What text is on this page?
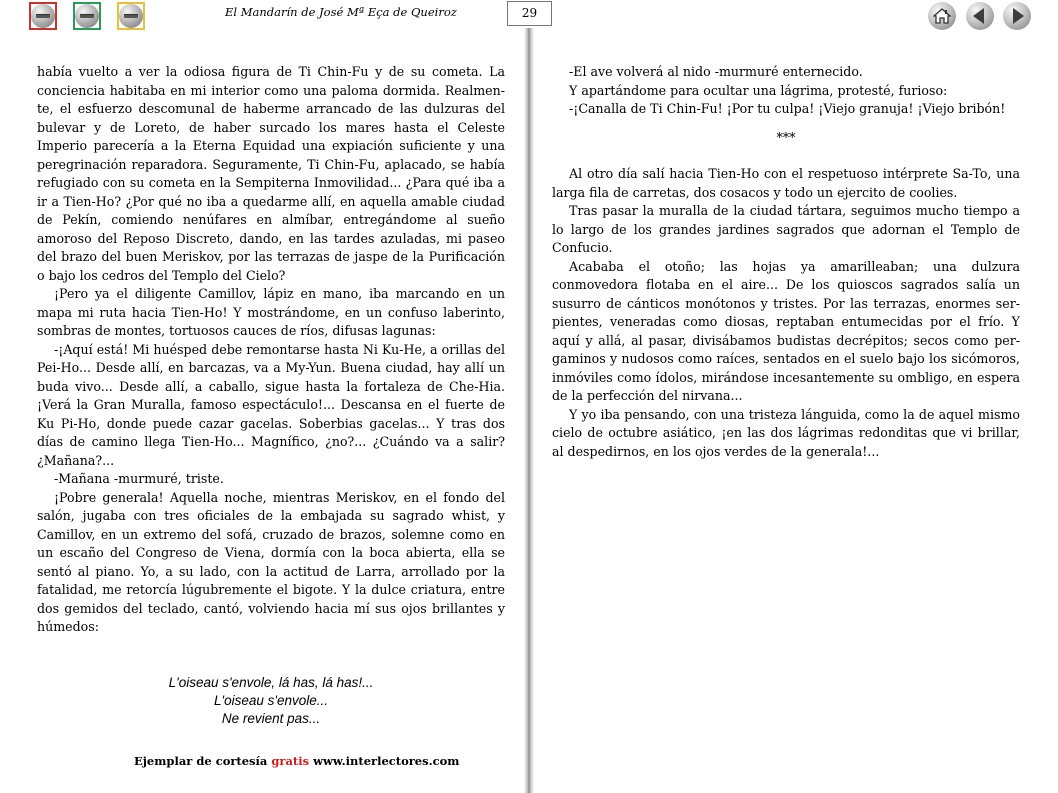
El Mandarín de José Mª Eça de Queiroz	29

había vuelto a ver la odiosa figura de Ti Chin-Fu y de su cometa. La conciencia habitaba en mi interior como una paloma dormida. Realmen- te, el esfuerzo descomunal de haberme arrancado de las dulzuras del bulevar y de Loreto, de haber surcado los mares hasta el Celeste Imperio parecería a la Eterna Equidad una expiación suficiente y una peregrinación reparadora. Seguramente, Ti Chin-Fu, aplacado, se había refugiado con su cometa en la Sempiterna Inmovilidad... ¿Para qué iba a ir a Tien-Ho? ¿Por qué no iba a quedarme allí, en aquella amable ciudad de Pekín, comiendo nenúfares en almíbar, entregándome al sueño amoroso del Reposo Discreto, dando, en las tardes azuladas, mi paseo del brazo del buen Meriskov, por las terrazas de jaspe de la Purificación o bajo los cedros del Templo del Cielo?

¡Pero ya el diligente Camillov, lápiz en mano, iba marcando en un mapa mi ruta hacia Tien-Ho! Y mostrándome, en un confuso laberinto, sombras de montes, tortuosos cauces de ríos, difusas lagunas:

-¡Aquí está! Mi huésped debe remontarse hasta Ni Ku-He, a orillas del Pei-Ho... Desde allí, en barcazas, va a My-Yun. Buena ciudad, hay allí un buda vivo... Desde allí, a caballo, sigue hasta la fortaleza de Che-Hia. ¡Verá la Gran Muralla, famoso espectáculo!... Descansa en el fuerte de Ku Pi-Ho, donde puede cazar gacelas. Soberbias gacelas... Y tras dos días de camino llega Tien-Ho... Magnífico, ¿no?... ¿Cuándo va a salir? ¿Mañana?...

-Mañana -murmuré, triste.

¡Pobre generala! Aquella noche, mientras Meriskov, en el fondo del salón, jugaba con tres oficiales de la embajada su sagrado whist, y Camillov, en un extremo del sofá, cruzado de brazos, solemne como en un escaño del Congreso de Viena, dormía con la boca abierta, ella se sentó al piano. Yo, a su lado, con la actitud de Larra, arrollado por la fatalidad, me retorcía lúgubremente el bigote. Y la dulce criatura, entre dos gemidos del teclado, cantó, volviendo hacia mí sus ojos brillantes y húmedos:

L'oiseau s'envole, lá has, lá has!...
L'oiseau s'envole...
Ne revient pas...

-El ave volverá al nido -murmuré enternecido.

Y apartándome para ocultar una lágrima, protesté, furioso:

-¡Canalla de Ti Chin-Fu! ¡Por tu culpa! ¡Viejo granuja! ¡Viejo bribón!

***

Al otro día salí hacia Tien-Ho con el respetuoso intérprete Sa-To, una larga fila de carretas, dos cosacos y todo un ejercito de coolies.

Tras pasar la muralla de la ciudad tártara, seguimos mucho tiempo a lo largo de los grandes jardines sagrados que adornan el Templo de Confucio.

Acababa el otoño; las hojas ya amarilleaban; una dulzura conmovedora flotaba en el aire... De los quioscos sagrados salía un susurro de cánticos monótonos y tristes. Por las terrazas, enormes ser- pientes, veneradas como diosas, reptaban entumecidas por el frío. Y aquí y allá, al pasar, divisábamos budistas decrépitos; secos como per- gaminos y nudosos como raíces, sentados en el suelo bajo los sicómoros, inmóviles como ídolos, mirándose incesantemente su ombligo, en espera de la perfección del nirvana...

Y yo iba pensando, con una tristeza lánguida, como la de aquel mismo cielo de octubre asiático, ¡en las dos lágrimas redonditas que vi brillar, al despedirnos, en los ojos verdes de la generala!...

Ejemplar de cortesía gratis www.interlectores.com
